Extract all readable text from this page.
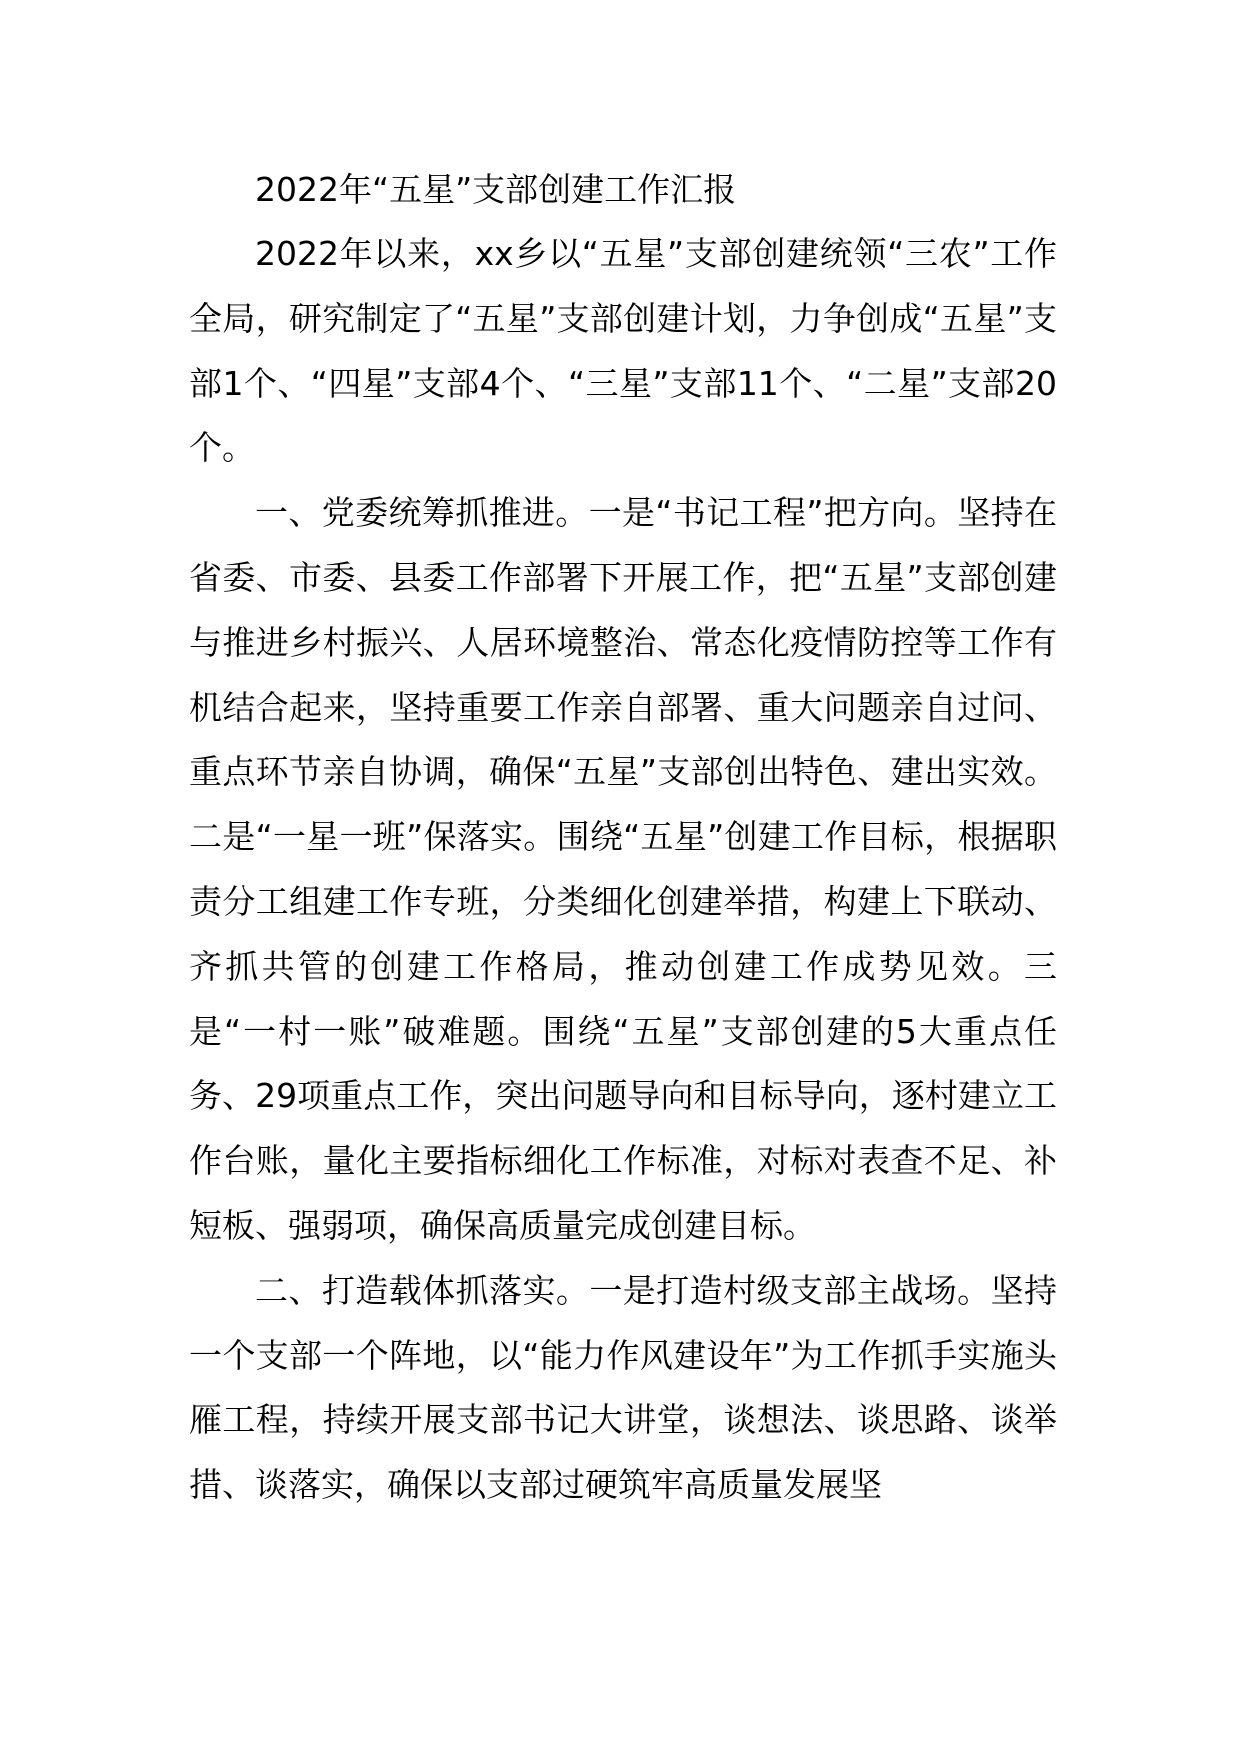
2022年“五星”支部创建工作汇报

2022年以来，xx乡以“五星”支部创建统领“三农”工作全局，研究制定了“五星”支部创建计划，力争创成“五星”支部1个、“四星”支部4个、“三星”支部11个、“二星”支部20个。

一、党委统筹抓推进。一是“书记工程”把方向。坚持在省委、市委、县委工作部署下开展工作，把“五星”支部创建与推进乡村振兴、人居环境整治、常态化疫情防控等工作有机结合起来，坚持重要工作亲自部署、重大问题亲自过问、重点环节亲自协调，确保“五星”支部创出特色、建出实效。二是“一星一班”保落实。围绕“五星”创建工作目标，根据职责分工组建工作专班，分类细化创建举措，构建上下联动、齐抓共管的创建工作格局，推动创建工作成势见效。三是“一村一账”破难题。围绕“五星”支部创建的5大重点任务、29项重点工作，突出问题导向和目标导向，逐村建立工作台账，量化主要指标细化工作标准，对标对表查不足、补短板、强弱项，确保高质量完成创建目标。

二、打造载体抓落实。一是打造村级支部主战场。坚持一个支部一个阵地，以“能力作风建设年”为工作抓手实施头雁工程，持续开展支部书记大讲堂，谈想法、谈思路、谈举措、谈落实，确保以支部过硬筑牢高质量发展坚
